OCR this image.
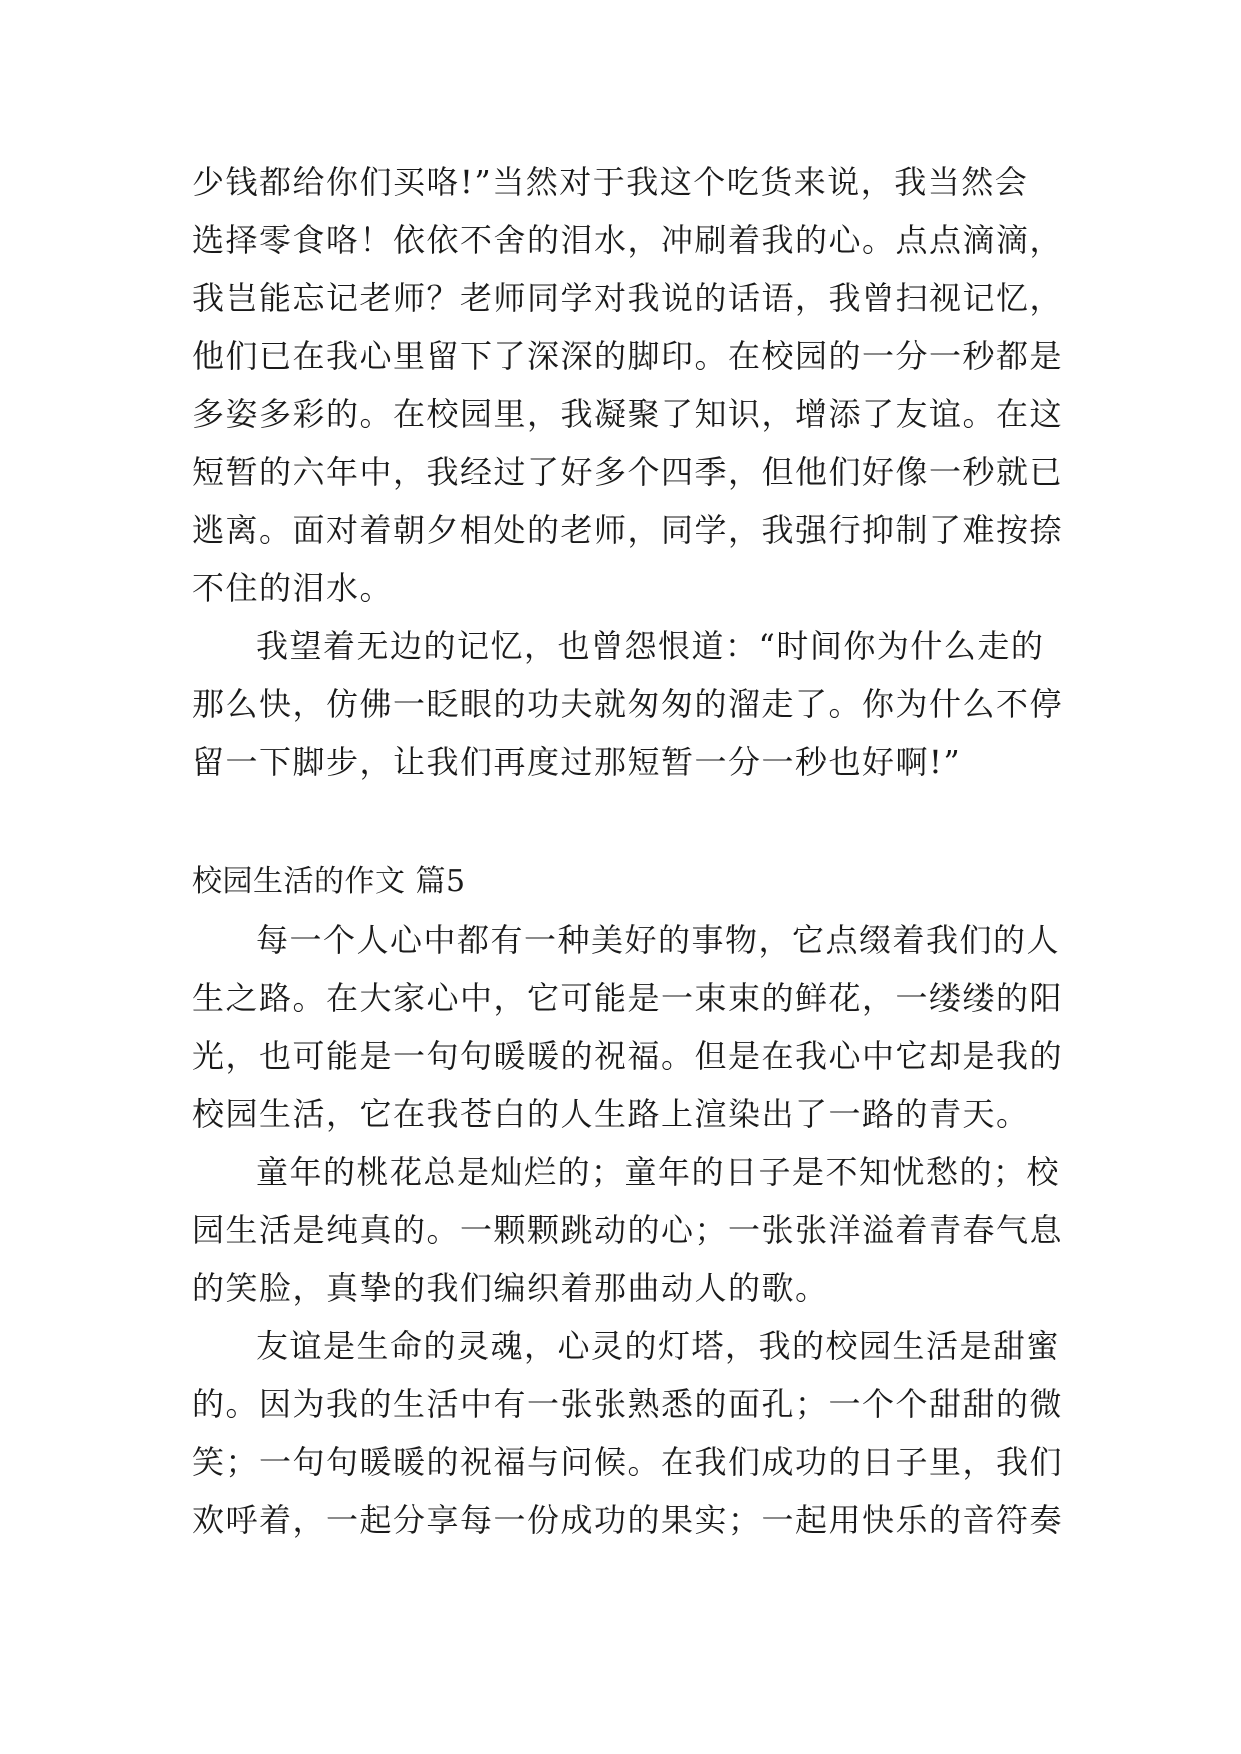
少钱都给你们买咯!”当然对于我这个吃货来说，我当然会
选择零食咯！依依不舍的泪水，冲刷着我的心。点点滴滴，
我岂能忘记老师？老师同学对我说的话语，我曾扫视记忆，
他们已在我心里留下了深深的脚印。在校园的一分一秒都是
多姿多彩的。在校园里，我凝聚了知识，增添了友谊。在这
短暂的六年中，我经过了好多个四季，但他们好像一秒就已
逃离。面对着朝夕相处的老师，同学，我强行抑制了难按捺
不住的泪水。
我望着无边的记忆，也曾怨恨道：“时间你为什么走的
那么快，仿佛一眨眼的功夫就匆匆的溜走了。你为什么不停
留一下脚步，让我们再度过那短暂一分一秒也好啊!”
校园生活的作文 篇5
每一个人心中都有一种美好的事物，它点缀着我们的人
生之路。在大家心中，它可能是一束束的鲜花，一缕缕的阳
光，也可能是一句句暖暖的祝福。但是在我心中它却是我的
校园生活，它在我苍白的人生路上渲染出了一路的青天。
童年的桃花总是灿烂的；童年的日子是不知忧愁的；校
园生活是纯真的。一颗颗跳动的心；一张张洋溢着青春气息
的笑脸，真挚的我们编织着那曲动人的歌。
友谊是生命的灵魂，心灵的灯塔，我的校园生活是甜蜜
的。因为我的生活中有一张张熟悉的面孔；一个个甜甜的微
笑；一句句暖暖的祝福与问候。在我们成功的日子里，我们
欢呼着，一起分享每一份成功的果实；一起用快乐的音符奏
